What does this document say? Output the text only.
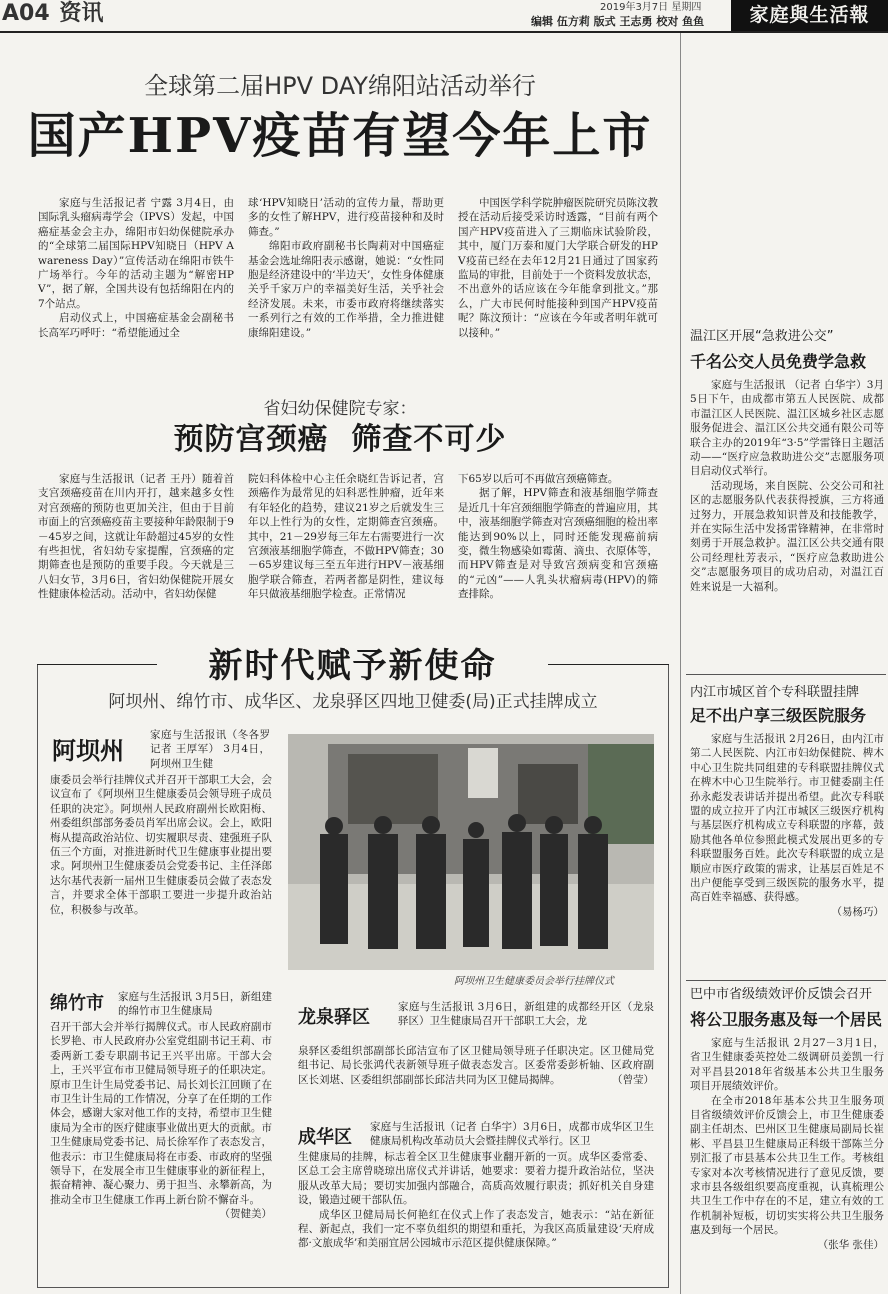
A04 资讯	2019年3月7日 星期四
编辑 伍方莉 版式 王志勇 校对 鱼鱼	家庭與生活報
全球第二届HPV DAY绵阳站活动举行
国产HPV疫苗有望今年上市

家庭与生活报记者 宁露 3月4日，由国际乳头瘤病毒学会（IPVS）发起，中国癌症基金会主办，绵阳市妇幼保健院承办的“全球第二届国际HPV知晓日（HPV Awareness Day）”宣传活动在绵阳市铁牛广场举行。今年的活动主题为“解密HPV”，据了解，全国共设有包括绵阳在内的7个站点。

启动仪式上，中国癌症基金会副秘书长高军巧呼吁：“希望能通过全

球‘HPV知晓日’活动的宣传力量，帮助更多的女性了解HPV，进行疫苗接种和及时筛查。”

绵阳市政府副秘书长陶莉对中国癌症基金会选址绵阳表示感谢，她说：“女性同胞是经济建设中的‘半边天’，女性身体健康关乎千家万户的幸福美好生活，关乎社会经济发展。未来，市委市政府将继续落实一系列行之有效的工作举措，全力推进健康绵阳建设。”

中国医学科学院肿瘤医院研究员陈汶教授在活动后接受采访时透露，“目前有两个国产HPV疫苗进入了三期临床试验阶段，其中，厦门万泰和厦门大学联合研发的HPV疫苗已经在去年12月21日通过了国家药监局的审批，目前处于一个资料发放状态，不出意外的话应该在今年能拿到批文。”那么，广大市民何时能接种到国产HPV疫苗呢？陈汶预计：“应该在今年或者明年就可以接种。”

省妇幼保健院专家：
预防宫颈癌  筛查不可少

家庭与生活报讯（记者 王丹）随着首支宫颈癌疫苗在川内开打，越来越多女性对宫颈癌的预防也更加关注，但由于目前市面上的宫颈癌疫苗主要接种年龄限制于9－45岁之间，这就让年龄超过45岁的女性有些担忧，省妇幼专家提醒，宫颈癌的定期筛查也是预防的重要手段。今天就是三八妇女节，3月6日，省妇幼保健院开展女性健康体检活动。活动中，省妇幼保健

院妇科体检中心主任余晓红告诉记者，宫颈癌作为最常见的妇科恶性肿瘤，近年来有年轻化的趋势，建议21岁之后就发生三年以上性行为的女性，定期筛查宫颈癌。其中，21－29岁每三年左右需要进行一次宫颈液基细胞学筛查，不做HPV筛查；30－65岁建议每三至五年进行HPV－液基细胞学联合筛查，若两者都是阴性，建议每年只做液基细胞学检查。正常情况

下65岁以后可不再做宫颈癌筛查。

据了解，HPV筛查和液基细胞学筛查是近几十年宫颈细胞学筛查的普遍应用，其中，液基细胞学筛查对宫颈癌细胞的检出率能达到90%以上，同时还能发现癌前病变，微生物感染如霉菌、滴虫、衣原体等，而HPV筛查是对导致宫颈病变和宫颈癌的“元凶”——人乳头状瘤病毒(HPV)的筛查排除。

新时代赋予新使命
阿坝州、绵竹市、成华区、龙泉驿区四地卫健委(局)正式挂牌成立
阿坝州
家庭与生活报讯（冬各罗 记者 王厚军） 3月4日，阿坝州卫生健
康委员会举行挂牌仪式并召开干部职工大会，会议宣布了《阿坝州卫生健康委员会领导班子成员任职的决定》。阿坝州人民政府副州长欧阳梅、州委组织部部务委员肖军出席会议。会上，欧阳梅从提高政治站位、切实履职尽责、建强班子队伍三个方面，对推进新时代卫生健康事业提出要求。阿坝州卫生健康委员会党委书记、主任泽郎达尔基代表新一届州卫生健康委员会做了表态发言，并要求全体干部职工要进一步提升政治站位，积极参与改革。
阿坝州卫生健康委员会举行挂牌仪式
绵竹市 家庭与生活报讯 3月5日，新组建的绵竹市卫生健康局
召开干部大会并举行揭牌仪式。市人民政府副市长罗艳、市人民政府办公室党组副书记王莉、市委两新工委专职副书记王兴平出席。干部大会上，王兴平宣布市卫健局领导班子的任职决定。原市卫生计生局党委书记、局长刘长江回顾了在市卫生计生局的工作情况，分享了在任期的工作体会，感谢大家对他工作的支持，希望市卫生健康局为全市的医疗健康事业做出更大的贡献。市卫生健康局党委书记、局长徐军作了表态发言，他表示：市卫生健康局将在市委、市政府的坚强领导下，在发展全市卫生健康事业的新征程上，振奋精神、凝心聚力、勇于担当、永攀新高，为推动全市卫生健康工作再上新台阶不懈奋斗。
（贺健美）
龙泉驿区	家庭与生活报讯 3月6日，新组建的成都经开区（龙泉驿区）卫生健康局召开干部职工大会，龙
泉驿区委组织部副部长邱洁宣布了区卫健局领导班子任职决定。区卫健局党组书记、局长张鸿代表新领导班子做表态发言。区委常委彭析轴、区政府副区长刘堪、区委组织部副部长邱洁共同为区卫健局揭牌。	（曾莹）
成华区 家庭与生活报讯（记者 白华宇）3月6日，成都市成华区卫生健康局机构改革动员大会暨挂牌仪式举行。区卫

生健康局的挂牌，标志着全区卫生健康事业翻开新的一页。成华区委常委、区总工会主席曾晓琼出席仪式并讲话，她要求：要着力提升政治站位，坚决服从改革大局；要切实加强内部融合，高质高效履行职责；抓好机关自身建设，锻造过硬干部队伍。

成华区卫健局局长何艳红在仪式上作了表态发言，她表示：“站在新征程、新起点，我们一定不辜负组织的期望和重托，为我区高质量建设‘天府成都·文旅成华’和美丽宜居公园城市示范区提供健康保障。”

温江区开展“急救进公交”
千名公交人员免费学急救

家庭与生活报讯 （记者 白华宇）3月5日下午，由成都市第五人民医院、成都市温江区人民医院、温江区城乡社区志愿服务促进会、温江区公共交通有限公司等联合主办的2019年“3·5”学雷锋日主题活动——“医疗应急救助进公交”志愿服务项目启动仪式举行。

活动现场，来自医院、公交公司和社区的志愿服务队代表获得授旗，三方将通过努力，开展急救知识普及和技能教学，并在实际生活中发扬雷锋精神，在非常时刻勇于开展急救护。温江区公共交通有限公司经理杜芳表示，“医疗应急救助进公交”志愿服务项目的成功启动，对温江百姓来说是一大福利。

内江市城区首个专科联盟挂牌
足不出户享三级医院服务

家庭与生活报讯 2月26日，由内江市第二人民医院、内江市妇幼保健院、椑木中心卫生院共同组建的专科联盟挂牌仪式在椑木中心卫生院举行。市卫健委副主任孙永彪发表讲话并提出希望。此次专科联盟的成立拉开了内江市城区三级医疗机构与基层医疗机构成立专科联盟的序幕，鼓励其他各单位参照此模式发展出更多的专科联盟服务百姓。此次专科联盟的成立是顺应市医疗政策的需求，让基层百姓足不出户便能享受到三级医院的服务水平，提高百姓幸福感、获得感。

（易杨巧）

巴中市省级绩效评价反馈会召开
将公卫服务惠及每一个居民

家庭与生活报讯 2月27－3月1日，省卫生健康委英控处二级调研员姜凯一行对平昌县2018年省级基本公共卫生服务项目开展绩效评价。

在全市2018年基本公共卫生服务项目省级绩效评价反馈会上，市卫生健康委副主任胡杰、巴州区卫生健康局副局长崔彬、平昌县卫生健康局正科级干部陈兰分别汇报了市县基本公共卫生工作。考核组专家对本次考核情况进行了意见反馈，要求市县各级组织要高度重视，认真梳理公共卫生工作中存在的不足，建立有效的工作机制补短板，切切实实将公共卫生服务惠及到每一个居民。

（张华 张佳）
